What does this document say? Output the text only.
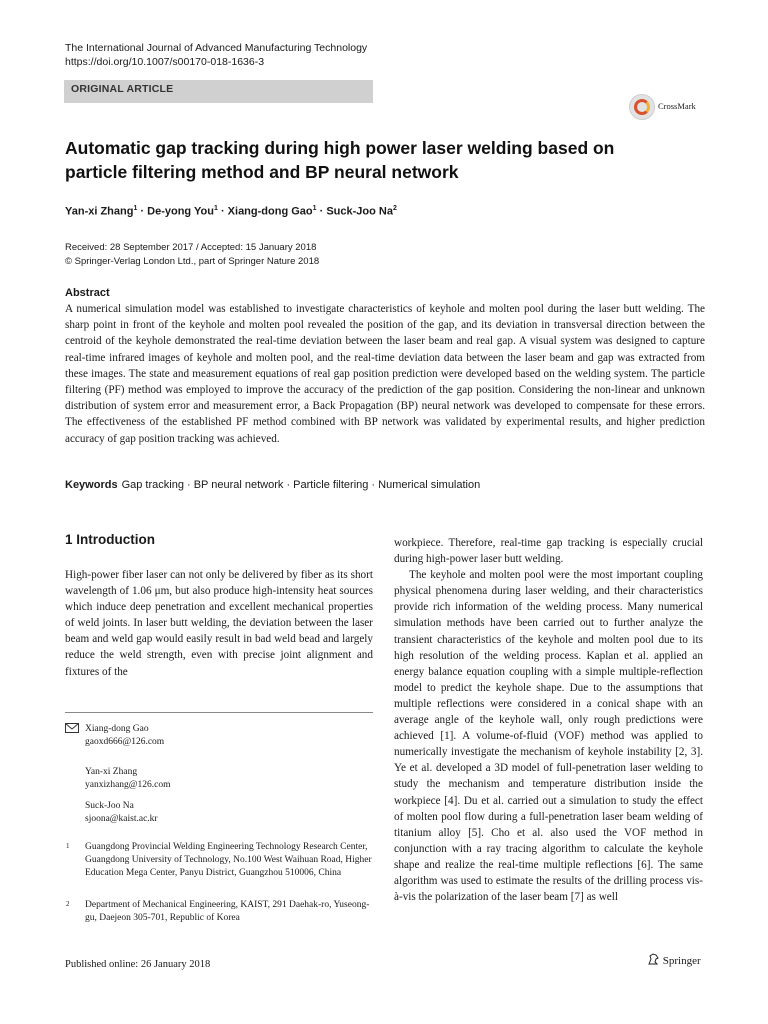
The International Journal of Advanced Manufacturing Technology
https://doi.org/10.1007/s00170-018-1636-3
ORIGINAL ARTICLE
CrossMark
Automatic gap tracking during high power laser welding based on particle filtering method and BP neural network
Yan-xi Zhang$^1$ · De-yong You$^1$ · Xiang-dong Gao$^1$ · Suck-Joo Na$^2$
Received: 28 September 2017 / Accepted: 15 January 2018
© Springer-Verlag London Ltd., part of Springer Nature 2018
Abstract
A numerical simulation model was established to investigate characteristics of keyhole and molten pool during the laser butt welding. The sharp point in front of the keyhole and molten pool revealed the position of the gap, and its deviation in transversal direction between the centroid of the keyhole demonstrated the real-time deviation between the laser beam and real gap. A visual system was designed to capture real-time infrared images of keyhole and molten pool, and the real-time deviation data between the laser beam and gap was extracted from these images. The state and measurement equations of real gap position prediction were developed based on the welding system. The particle filtering (PF) method was employed to improve the accuracy of the prediction of the gap position. Considering the non-linear and unknown distribution of system error and measurement error, a Back Propagation (BP) neural network was developed to compensate for these errors. The effectiveness of the established PF method combined with BP network was validated by experimental results, and higher prediction accuracy of gap position tracking was achieved.
Keywords Gap tracking · BP neural network · Particle filtering · Numerical simulation
1 Introduction
High-power fiber laser can not only be delivered by fiber as its short wavelength of 1.06 μm, but also produce high-intensity heat sources which induce deep penetration and excellent mechanical properties of weld joints. In laser butt welding, the deviation between the laser beam and weld gap would easily result in bad weld bead and largely reduce the weld strength, even with precise joint alignment and fixtures of the

workpiece. Therefore, real-time gap tracking is especially crucial during high-power laser butt welding.

The keyhole and molten pool were the most important coupling physical phenomena during laser welding, and their characteristics provide rich information of the welding process. Many numerical simulation methods have been carried out to further analyze the transient characteristics of the keyhole and molten pool due to its high resolution of the welding process. Kaplan et al. applied an energy balance equation coupling with a simple multiple-reflection model to predict the keyhole shape. Due to the assumptions that multiple reflections were considered in a conical shape with an average angle of the keyhole wall, only rough predictions were achieved [1]. A volume-of-fluid (VOF) method was applied to numerically investigate the mechanism of keyhole instability [2, 3]. Ye et al. developed a 3D model of full-penetration laser welding to study the mechanism and temperature distribution inside the workpiece [4]. Du et al. carried out a simulation to study the effect of molten pool flow during a full-penetration laser beam welding of titanium alloy [5]. Cho et al. also used the VOF method in conjunction with a ray tracing algorithm to calculate the keyhole shape and realize the real-time multiple reflections [6]. The same algorithm was used to estimate the results of the drilling process vis-à-vis the polarization of the laser beam [7] as well

Xiang-dong Gao
gaoxd666@126.com
Yan-xi Zhang
yanxizhang@126.com
Suck-Joo Na
sjoona@kaist.ac.kr
1 Guangdong Provincial Welding Engineering Technology Research Center, Guangdong University of Technology, No.100 West Waihuan Road, Higher Education Mega Center, Panyu District, Guangzhou 510006, China
2 Department of Mechanical Engineering, KAIST, 291 Daehak-ro, Yuseong-gu, Daejeon 305-701, Republic of Korea
Published online: 26 January 2018	Springer
